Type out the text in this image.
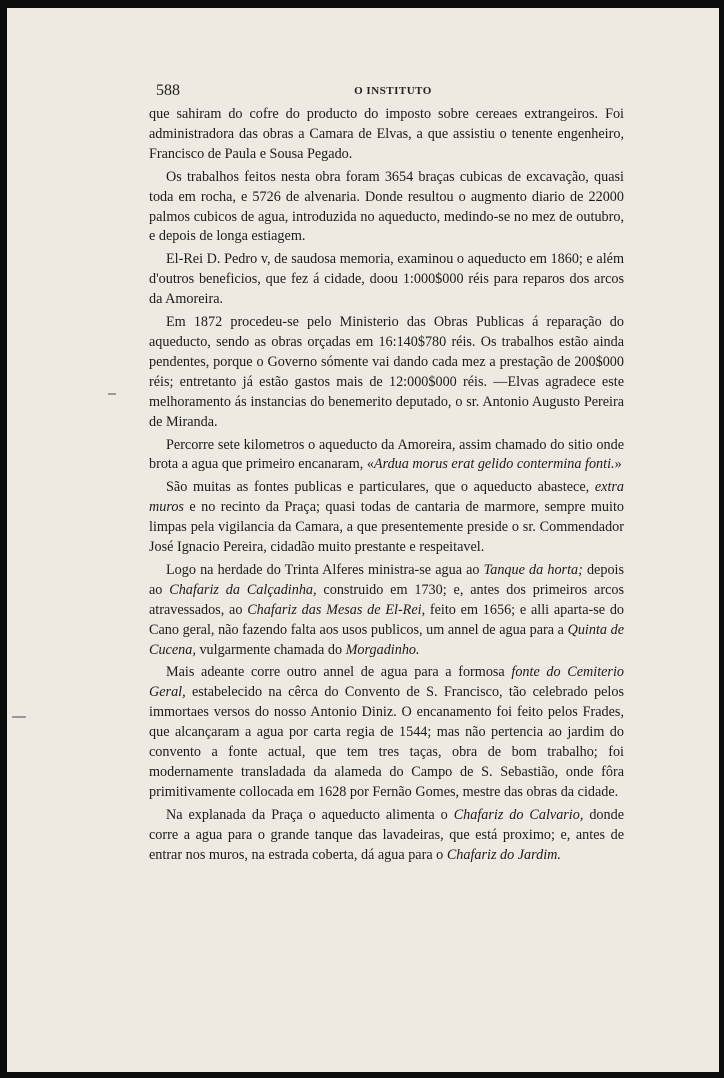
588	O INSTITUTO

que sahiram do cofre do producto do imposto sobre cereaes extrangeiros. Foi administradora das obras a Camara de Elvas, a que assistiu o tenente engenheiro, Francisco de Paula e Sousa Pegado.

Os trabalhos feitos nesta obra foram 3654 braças cubicas de excavação, quasi toda em rocha, e 5726 de alvenaria. Donde resultou o augmento diario de 22000 palmos cubicos de agua, introduzida no aqueducto, medindo-se no mez de outubro, e depois de longa estiagem.

El-Rei D. Pedro v, de saudosa memoria, examinou o aqueducto em 1860; e além d'outros beneficios, que fez á cidade, doou 1:000$000 réis para reparos dos arcos da Amoreira.

Em 1872 procedeu-se pelo Ministerio das Obras Publicas á reparação do aqueducto, sendo as obras orçadas em 16:140$780 réis. Os trabalhos estão ainda pendentes, porque o Governo sómente vai dando cada mez a prestação de 200$000 réis; entretanto já estão gastos mais de 12:000$000 réis. —Elvas agradece este melhoramento ás instancias do benemerito deputado, o sr. Antonio Augusto Pereira de Miranda.

Percorre sete kilometros o aqueducto da Amoreira, assim chamado do sitio onde brota a agua que primeiro encanaram, «Ardua morus erat gelido contermina fonti.»

São muitas as fontes publicas e particulares, que o aqueducto abastece, extra muros e no recinto da Praça; quasi todas de cantaria de marmore, sempre muito limpas pela vigilancia da Camara, a que presentemente preside o sr. Commendador José Ignacio Pereira, cidadão muito prestante e respeitavel.

Logo na herdade do Trinta Alferes ministra-se agua ao Tanque da horta; depois ao Chafariz da Calçadinha, construido em 1730; e, antes dos primeiros arcos atravessados, ao Chafariz das Mesas de El-Rei, feito em 1656; e alli aparta-se do Cano geral, não fazendo falta aos usos publicos, um annel de agua para a Quinta de Cucena, vulgarmente chamada do Morgadinho.

Mais adeante corre outro annel de agua para a formosa fonte do Cemiterio Geral, estabelecido na cêrca do Convento de S. Francisco, tão celebrado pelos immortaes versos do nosso Antonio Diniz. O encanamento foi feito pelos Frades, que alcançaram a agua por carta regia de 1544; mas não pertencia ao jardim do convento a fonte actual, que tem tres taças, obra de bom trabalho; foi modernamente transladada da alameda do Campo de S. Sebastião, onde fôra primitivamente collocada em 1628 por Fernão Gomes, mestre das obras da cidade.

Na explanada da Praça o aqueducto alimenta o Chafariz do Calvario, donde corre a agua para o grande tanque das lavadeiras, que está proximo; e, antes de entrar nos muros, na estrada coberta, dá agua para o Chafariz do Jardim.
